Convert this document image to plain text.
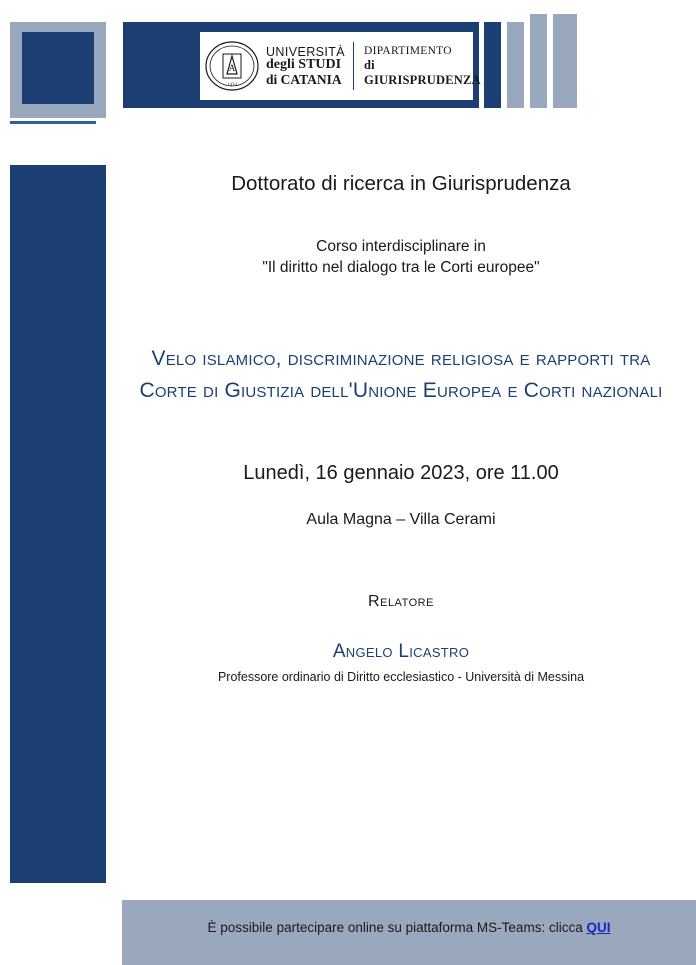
A
1434
UNIVERSITÀ
degli STUDI
di CATANIA
DIPARTIMENTO
di GIURISPRUDENZA
Dottorato di ricerca in Giurisprudenza
Corso interdisciplinare in
"Il diritto nel dialogo tra le Corti europee"
Velo islamico, discriminazione religiosa e rapporti tra
Corte di Giustizia dell'Unione Europea e Corti nazionali
Lunedì, 16 gennaio 2023, ore 11.00
Aula Magna – Villa Cerami
Relatore
Angelo Licastro
Professore ordinario di Diritto ecclesiastico - Università di Messina
È possibile partecipare online su piattaforma MS-Teams: clicca QUI
